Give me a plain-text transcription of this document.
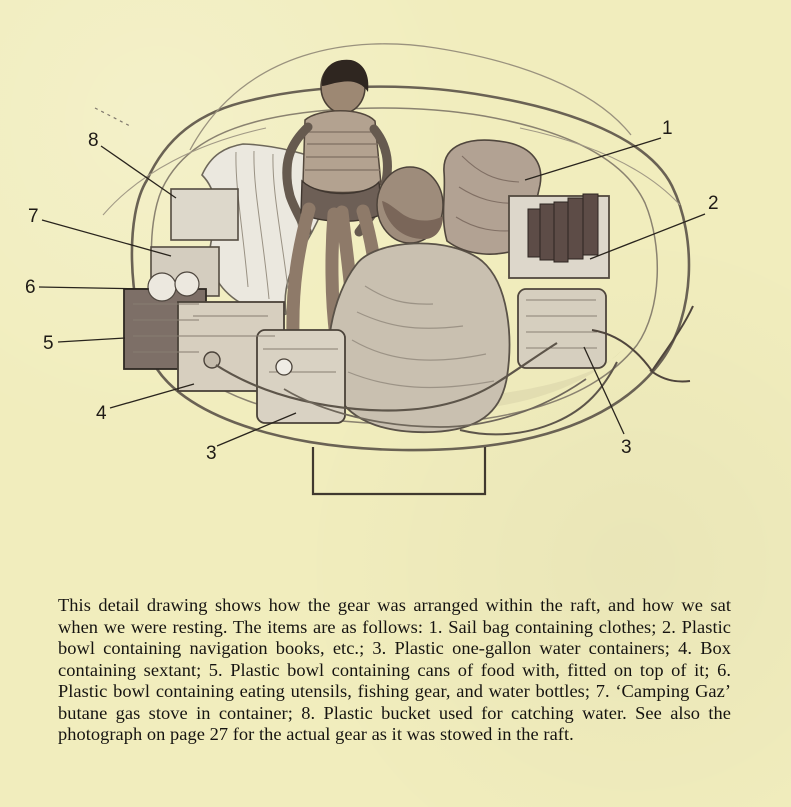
1
2
3
3
4
5
6
7
8
This detail drawing shows how the gear was arranged within the raft, and how we sat when we were resting. The items are as follows: 1. Sail bag containing clothes; 2. Plastic bowl containing navigation books, etc.; 3. Plastic one-gallon water containers; 4. Box containing sextant; 5. Plastic bowl containing cans of food with, fitted on top of it; 6. Plastic bowl containing eating utensils, fishing gear, and water bottles; 7. ‘Camping Gaz’ butane gas stove in container; 8. Plastic bucket used for catching water. See also the photograph on page 27 for the actual gear as it was stowed in the raft.
